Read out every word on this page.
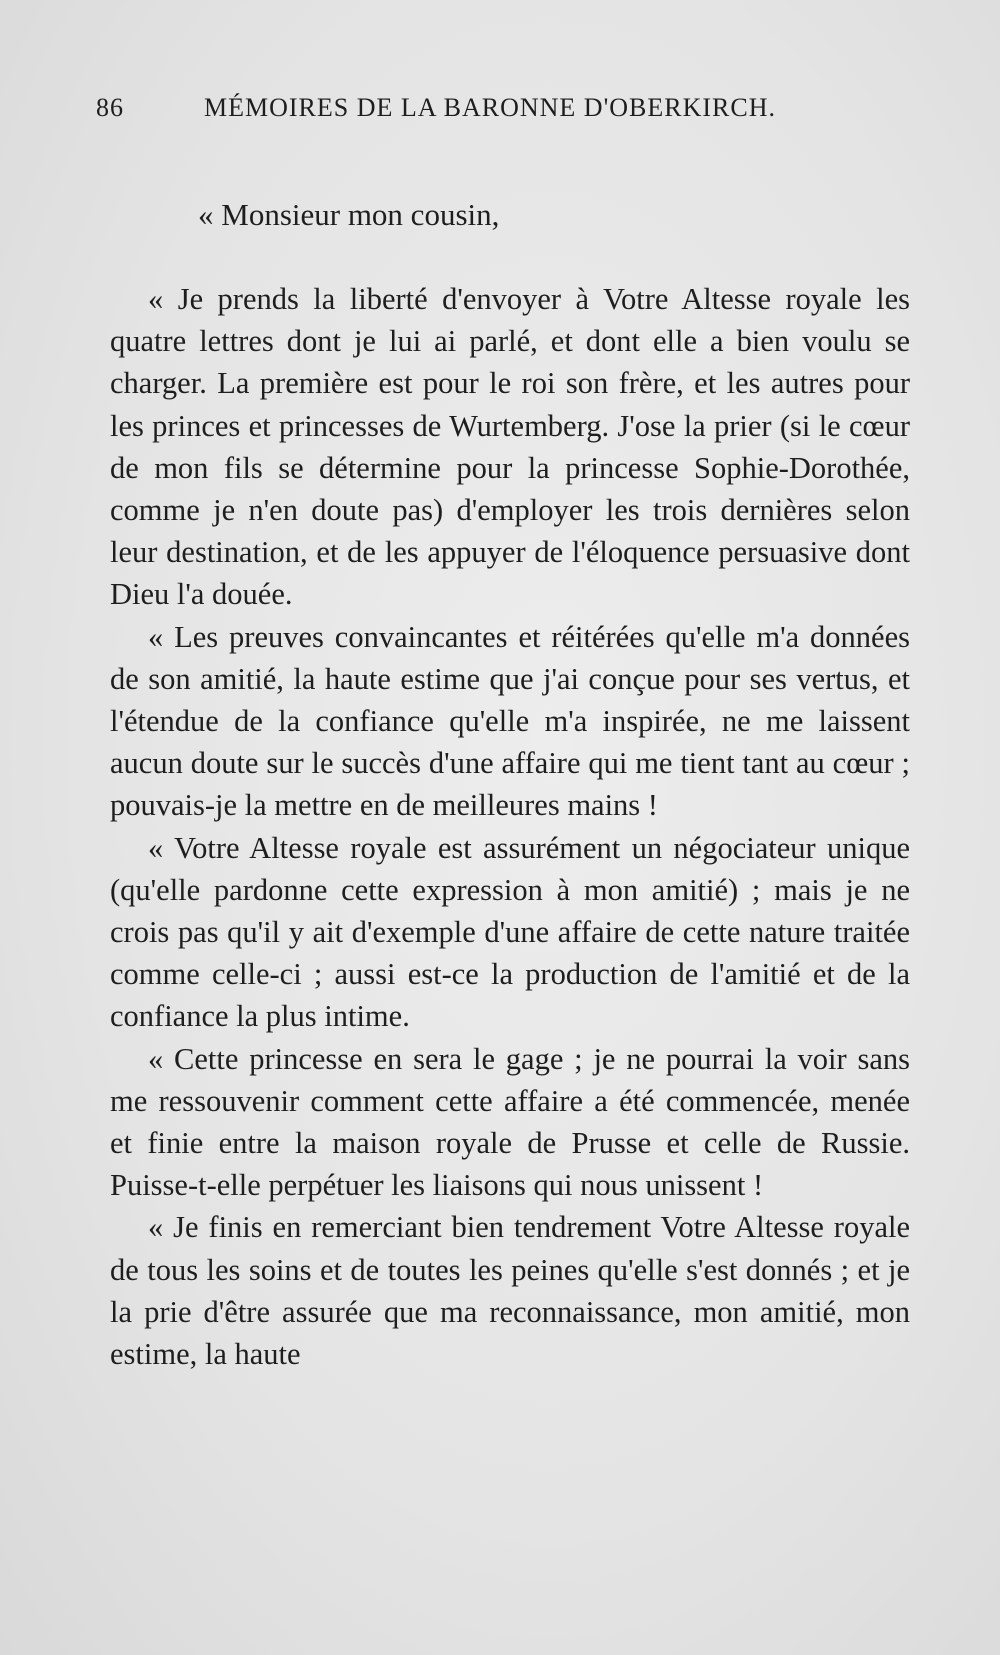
86	MÉMOIRES DE LA BARONNE D'OBERKIRCH.
« Monsieur mon cousin,

« Je prends la liberté d'envoyer à Votre Altesse royale les quatre lettres dont je lui ai parlé, et dont elle a bien voulu se charger. La première est pour le roi son frère, et les autres pour les princes et princesses de Wurtemberg. J'ose la prier (si le cœur de mon fils se détermine pour la princesse Sophie-Dorothée, comme je n'en doute pas) d'employer les trois dernières selon leur destination, et de les appuyer de l'éloquence persuasive dont Dieu l'a douée.

« Les preuves convaincantes et réitérées qu'elle m'a données de son amitié, la haute estime que j'ai conçue pour ses vertus, et l'étendue de la confiance qu'elle m'a inspirée, ne me laissent aucun doute sur le succès d'une affaire qui me tient tant au cœur ; pouvais-je la mettre en de meilleures mains !

« Votre Altesse royale est assurément un négociateur unique (qu'elle pardonne cette expression à mon amitié) ; mais je ne crois pas qu'il y ait d'exemple d'une affaire de cette nature traitée comme celle-ci ; aussi est-ce la production de l'amitié et de la confiance la plus intime.

« Cette princesse en sera le gage ; je ne pourrai la voir sans me ressouvenir comment cette affaire a été commencée, menée et finie entre la maison royale de Prusse et celle de Russie. Puisse-t-elle perpétuer les liaisons qui nous unissent !

« Je finis en remerciant bien tendrement Votre Altesse royale de tous les soins et de toutes les peines qu'elle s'est donnés ; et je la prie d'être assurée que ma reconnaissance, mon amitié, mon estime, la haute
